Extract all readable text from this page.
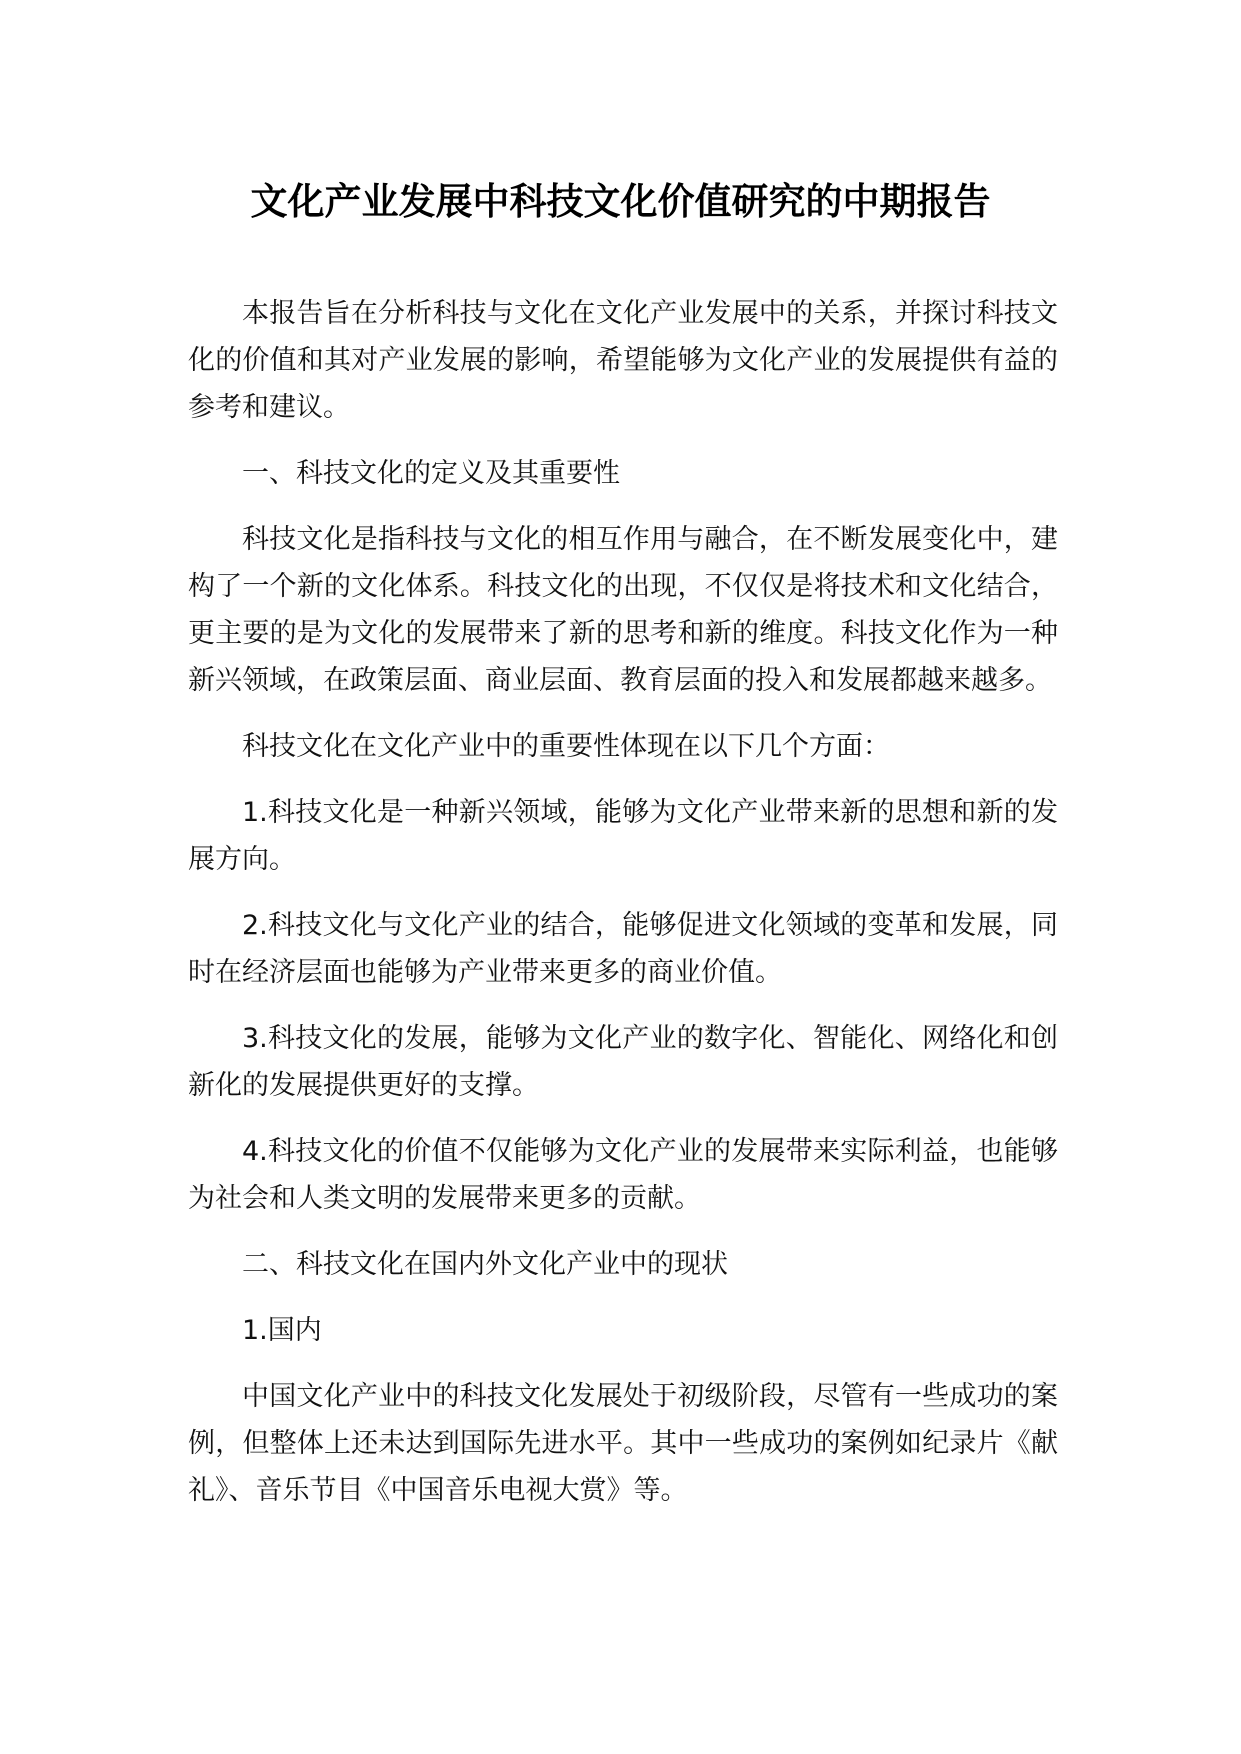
文化产业发展中科技文化价值研究的中期报告

本报告旨在分析科技与文化在文化产业发展中的关系，并探讨科技文化的价值和其对产业发展的影响，希望能够为文化产业的发展提供有益的参考和建议。

一、科技文化的定义及其重要性

科技文化是指科技与文化的相互作用与融合，在不断发展变化中，建构了一个新的文化体系。科技文化的出现，不仅仅是将技术和文化结合，更主要的是为文化的发展带来了新的思考和新的维度。科技文化作为一种新兴领域，在政策层面、商业层面、教育层面的投入和发展都越来越多。

科技文化在文化产业中的重要性体现在以下几个方面：

1.科技文化是一种新兴领域，能够为文化产业带来新的思想和新的发展方向。

2.科技文化与文化产业的结合，能够促进文化领域的变革和发展，同时在经济层面也能够为产业带来更多的商业价值。

3.科技文化的发展，能够为文化产业的数字化、智能化、网络化和创新化的发展提供更好的支撑。

4.科技文化的价值不仅能够为文化产业的发展带来实际利益，也能够为社会和人类文明的发展带来更多的贡献。

二、科技文化在国内外文化产业中的现状

1.国内

中国文化产业中的科技文化发展处于初级阶段，尽管有一些成功的案例，但整体上还未达到国际先进水平。其中一些成功的案例如纪录片《献礼》、音乐节目《中国音乐电视大赏》等。
